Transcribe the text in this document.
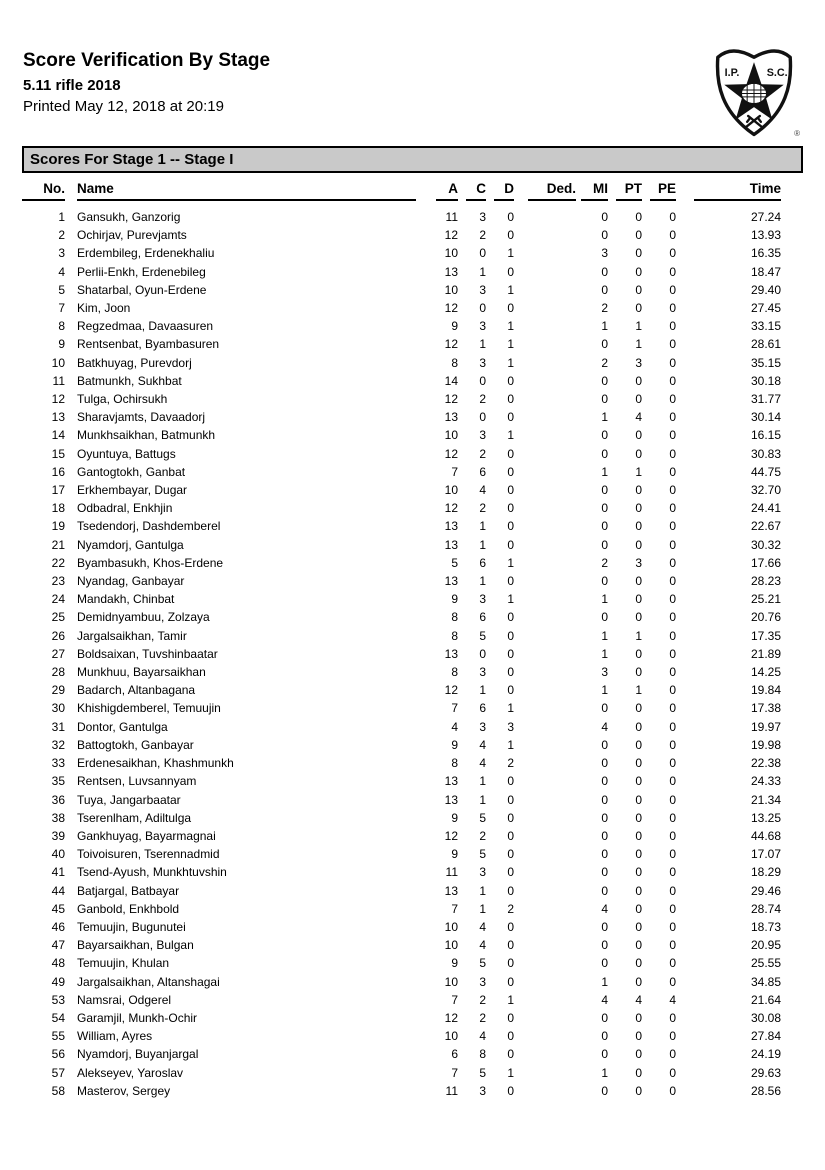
Score Verification By Stage
5.11 rifle 2018
Printed May 12, 2018 at 20:19
I.P. S.C.
®
Scores For Stage 1 -- Stage I
No.	Name	A	C	D	Ded.	MI	PT	PE	Time

1	Gansukh, Ganzorig	11	3	0		0	0	0	27.24
2	Ochirjav, Purevjamts	12	2	0		0	0	0	13.93
3	Erdembileg, Erdenekhaliu	10	0	1		3	0	0	16.35
4	Perlii-Enkh, Erdenebileg	13	1	0		0	0	0	18.47
5	Shatarbal, Oyun-Erdene	10	3	1		0	0	0	29.40
7	Kim, Joon	12	0	0		2	0	0	27.45
8	Regzedmaa, Davaasuren	9	3	1		1	1	0	33.15
9	Rentsenbat, Byambasuren	12	1	1		0	1	0	28.61
10	Batkhuyag, Purevdorj	8	3	1		2	3	0	35.15
11	Batmunkh, Sukhbat	14	0	0		0	0	0	30.18
12	Tulga, Ochirsukh	12	2	0		0	0	0	31.77
13	Sharavjamts, Davaadorj	13	0	0		1	4	0	30.14
14	Munkhsaikhan, Batmunkh	10	3	1		0	0	0	16.15
15	Oyuntuya, Battugs	12	2	0		0	0	0	30.83
16	Gantogtokh, Ganbat	7	6	0		1	1	0	44.75
17	Erkhembayar, Dugar	10	4	0		0	0	0	32.70
18	Odbadral, Enkhjin	12	2	0		0	0	0	24.41
19	Tsedendorj, Dashdemberel	13	1	0		0	0	0	22.67
21	Nyamdorj, Gantulga	13	1	0		0	0	0	30.32
22	Byambasukh, Khos-Erdene	5	6	1		2	3	0	17.66
23	Nyandag, Ganbayar	13	1	0		0	0	0	28.23
24	Mandakh, Chinbat	9	3	1		1	0	0	25.21
25	Demidnyambuu, Zolzaya	8	6	0		0	0	0	20.76
26	Jargalsaikhan, Tamir	8	5	0		1	1	0	17.35
27	Boldsaixan, Tuvshinbaatar	13	0	0		1	0	0	21.89
28	Munkhuu, Bayarsaikhan	8	3	0		3	0	0	14.25
29	Badarch, Altanbagana	12	1	0		1	1	0	19.84
30	Khishigdemberel, Temuujin	7	6	1		0	0	0	17.38
31	Dontor, Gantulga	4	3	3		4	0	0	19.97
32	Battogtokh, Ganbayar	9	4	1		0	0	0	19.98
33	Erdenesaikhan, Khashmunkh	8	4	2		0	0	0	22.38
35	Rentsen, Luvsannyam	13	1	0		0	0	0	24.33
36	Tuya, Jangarbaatar	13	1	0		0	0	0	21.34
38	Tserenlham, Adiltulga	9	5	0		0	0	0	13.25
39	Gankhuyag, Bayarmagnai	12	2	0		0	0	0	44.68
40	Toivoisuren, Tserennadmid	9	5	0		0	0	0	17.07
41	Tsend-Ayush, Munkhtuvshin	11	3	0		0	0	0	18.29
44	Batjargal, Batbayar	13	1	0		0	0	0	29.46
45	Ganbold, Enkhbold	7	1	2		4	0	0	28.74
46	Temuujin, Bugunutei	10	4	0		0	0	0	18.73
47	Bayarsaikhan, Bulgan	10	4	0		0	0	0	20.95
48	Temuujin, Khulan	9	5	0		0	0	0	25.55
49	Jargalsaikhan, Altanshagai	10	3	0		1	0	0	34.85
53	Namsrai, Odgerel	7	2	1		4	4	4	21.64
54	Garamjil, Munkh-Ochir	12	2	0		0	0	0	30.08
55	William, Ayres	10	4	0		0	0	0	27.84
56	Nyamdorj, Buyanjargal	6	8	0		0	0	0	24.19
57	Alekseyev, Yaroslav	7	5	1		1	0	0	29.63
58	Masterov, Sergey	11	3	0		0	0	0	28.56
